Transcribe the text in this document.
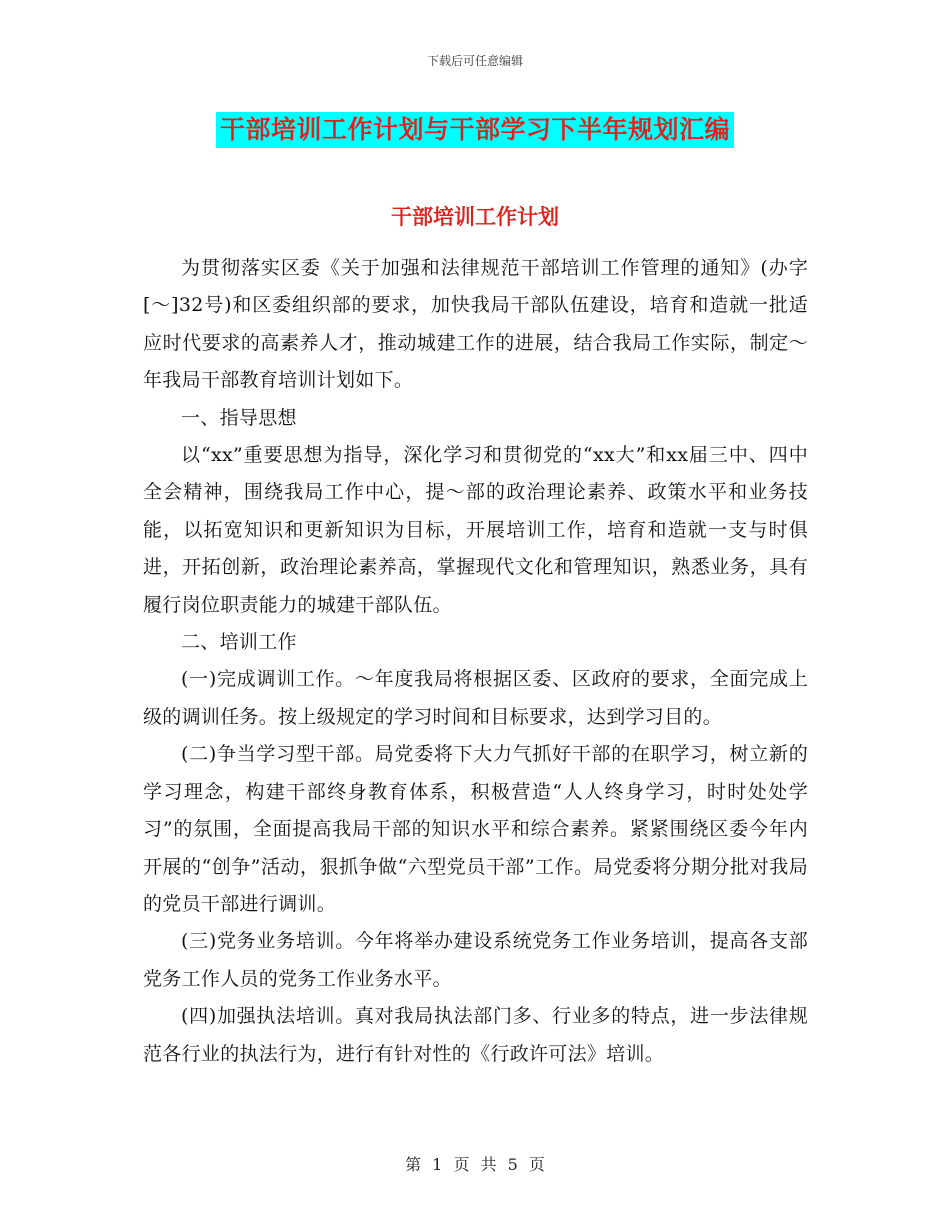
下载后可任意编辑
干部培训工作计划与干部学习下半年规划汇编
干部培训工作计划

为贯彻落实区委《关于加强和法律规范干部培训工作管理的通知》(办字[～]32号)和区委组织部的要求，加快我局干部队伍建设，培育和造就一批适应时代要求的高素养人才，推动城建工作的进展，结合我局工作实际，制定～年我局干部教育培训计划如下。

一、指导思想

以“xx”重要思想为指导，深化学习和贯彻党的“xx大”和xx届三中、四中全会精神，围绕我局工作中心，提～部的政治理论素养、政策水平和业务技能，以拓宽知识和更新知识为目标，开展培训工作，培育和造就一支与时俱进，开拓创新，政治理论素养高，掌握现代文化和管理知识，熟悉业务，具有履行岗位职责能力的城建干部队伍。

二、培训工作

(一)完成调训工作。～年度我局将根据区委、区政府的要求，全面完成上级的调训任务。按上级规定的学习时间和目标要求，达到学习目的。

(二)争当学习型干部。局党委将下大力气抓好干部的在职学习，树立新的学习理念，构建干部终身教育体系，积极营造“人人终身学习，时时处处学习”的氛围，全面提高我局干部的知识水平和综合素养。紧紧围绕区委今年内开展的“创争”活动，狠抓争做“六型党员干部”工作。局党委将分期分批对我局的党员干部进行调训。

(三)党务业务培训。今年将举办建设系统党务工作业务培训，提高各支部党务工作人员的党务工作业务水平。

(四)加强执法培训。真对我局执法部门多、行业多的特点，进一步法律规范各行业的执法行为，进行有针对性的《行政许可法》培训。

第 1 页 共 5 页
